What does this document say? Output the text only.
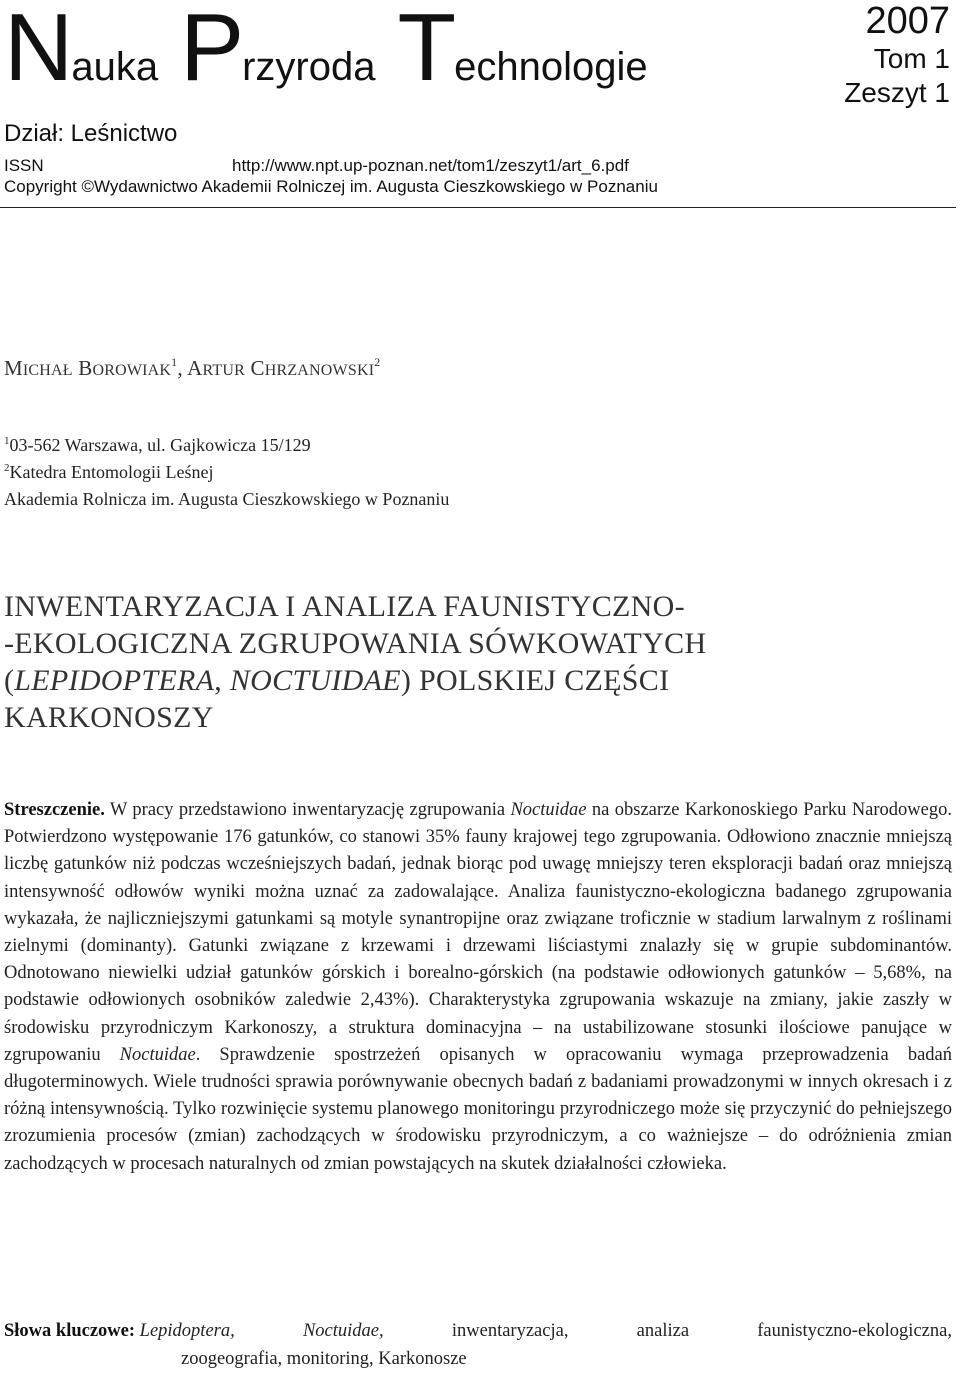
Nauka Przyroda Technologie
2007
Tom 1
Zeszyt 1
Dział: Leśnictwo
ISSN	http://www.npt.up-poznan.net/tom1/zeszyt1/art_6.pdf
Copyright ©Wydawnictwo Akademii Rolniczej im. Augusta Cieszkowskiego w Poznaniu
MICHAŁ BOROWIAK$^1$, ARTUR CHRZANOWSKI$^2$
$^1$03-562 Warszawa, ul. Gajkowicza 15/129
$^2$Katedra Entomologii Leśnej
Akademia Rolnicza im. Augusta Cieszkowskiego w Poznaniu
INWENTARYZACJA I ANALIZA FAUNISTYCZNO-
-EKOLOGICZNA ZGRUPOWANIA SÓWKOWATYCH
(LEPIDOPTERA, NOCTUIDAE) POLSKIEJ CZĘŚCI
KARKONOSZY
Streszczenie. W pracy przedstawiono inwentaryzację zgrupowania Noctuidae na obszarze Karkonoskiego Parku Narodowego. Potwierdzono występowanie 176 gatunków, co stanowi 35% fauny krajowej tego zgrupowania. Odłowiono znacznie mniejszą liczbę gatunków niż podczas wcześniejszych badań, jednak biorąc pod uwagę mniejszy teren eksploracji badań oraz mniejszą intensywność odłowów wyniki można uznać za zadowalające. Analiza faunistyczno-ekologiczna badanego zgrupowania wykazała, że najliczniejszymi gatunkami są motyle synantropijne oraz związane troficznie w stadium larwalnym z roślinami zielnymi (dominanty). Gatunki związane z krzewami i drzewami liściastymi znalazły się w grupie subdominantów. Odnotowano niewielki udział gatunków górskich i borealno-górskich (na podstawie odłowionych gatunków – 5,68%, na podstawie odłowionych osobników zaledwie 2,43%). Charakterystyka zgrupowania wskazuje na zmiany, jakie zaszły w środowisku przyrodniczym Karkonoszy, a struktura dominacyjna – na ustabilizowane stosunki ilościowe panujące w zgrupowaniu Noctuidae. Sprawdzenie spostrzeżeń opisanych w opracowaniu wymaga przeprowadzenia badań długoterminowych. Wiele trudności sprawia porównywanie obecnych badań z badaniami prowadzonymi w innych okresach i z różną intensywnością. Tylko rozwinięcie systemu planowego monitoringu przyrodniczego może się przyczynić do pełniejszego zrozumienia procesów (zmian) zachodzących w środowisku przyrodniczym, a co ważniejsze – do odróżnienia zmian zachodzących w procesach naturalnych od zmian powstających na skutek działalności człowieka.
Słowa kluczowe: Lepidoptera,	Noctuidae,	inwentaryzacja,	analiza	faunistyczno-ekologiczna,
zoogeografia, monitoring, Karkonosze
